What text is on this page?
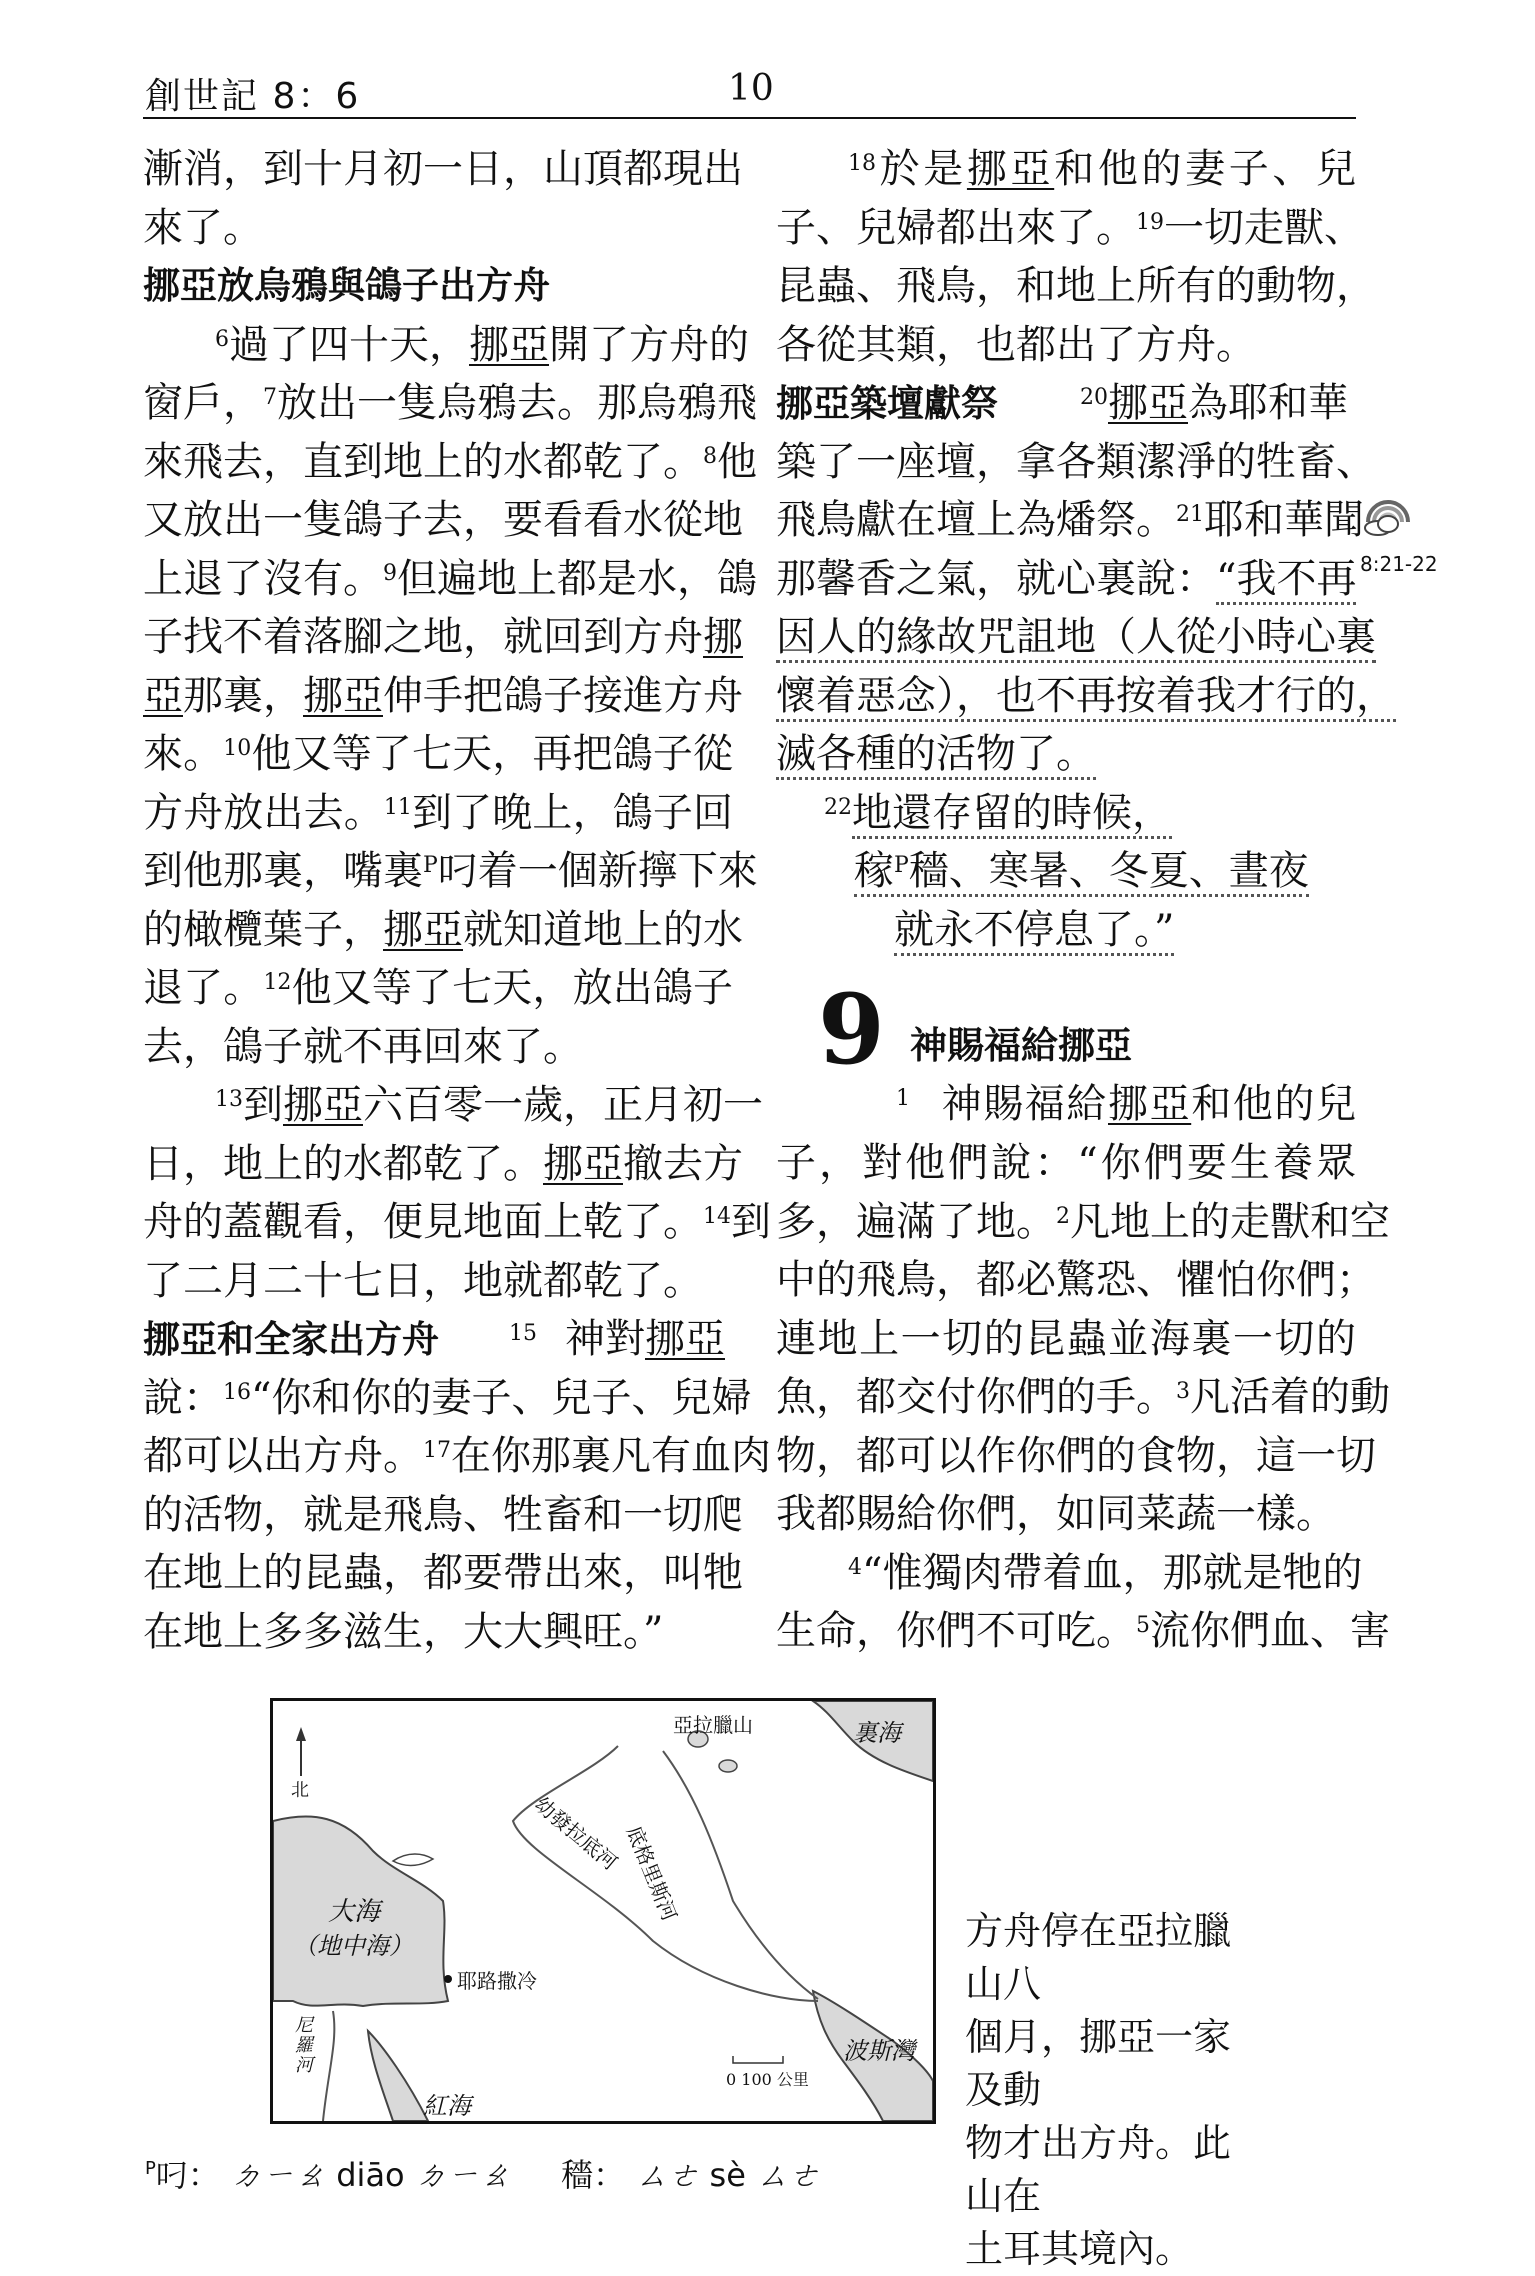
創世記 8：6	10
漸消，到十月初一日，山頂都現出
來了。
挪亞放烏鴉與鴿子出方舟
$^6$過了四十天，挪亞開了方舟的
窗戶，$^7$放出一隻烏鴉去。那烏鴉飛
來飛去，直到地上的水都乾了。$^8$他
又放出一隻鴿子去，要看看水從地
上退了沒有。$^9$但遍地上都是水，鴿
子找不着落腳之地，就回到方舟挪
亞那裏，挪亞伸手把鴿子接進方舟
來。$^{10}$他又等了七天，再把鴿子從
方舟放出去。$^{11}$到了晚上，鴿子回
到他那裏，嘴裏$^P$叼着一個新擰下來
的橄欖葉子，挪亞就知道地上的水
退了。$^{12}$他又等了七天，放出鴿子
去，鴿子就不再回來了。
$^{13}$到挪亞六百零一歲，正月初一
日，地上的水都乾了。挪亞撤去方
舟的蓋觀看，便見地面上乾了。$^{14}$到
了二月二十七日，地就都乾了。
挪亞和全家出方舟	$^{15}$ 神對挪亞
說：$^{16}$“你和你的妻子、兒子、兒婦
都可以出方舟。$^{17}$在你那裏凡有血肉
的活物，就是飛鳥、牲畜和一切爬
在地上的昆蟲，都要帶出來，叫牠
在地上多多滋生，大大興旺。”
$^{18}$於是挪亞和他的妻子、兒
子、兒婦都出來了。$^{19}$一切走獸、
昆蟲、飛鳥，和地上所有的動物，
各從其類，也都出了方舟。
挪亞築壇獻祭	$^{20}$挪亞為耶和華
築了一座壇，拿各類潔淨的牲畜、
飛鳥獻在壇上為燔祭。$^{21}$耶和華聞
那馨香之氣，就心裏說：“我不再
因人的緣故咒詛地（人從小時心裏
懷着惡念），也不再按着我才行的，
滅各種的活物了。
$^{22}$地還存留的時候，
稼$^P$穡、寒暑、冬夏、晝夜
就永不停息了。”
9 神賜福給挪亞
$^1$ 神賜福給挪亞和他的兒
子，對他們說：“你們要生養眾
多，遍滿了地。$^2$凡地上的走獸和空
中的飛鳥，都必驚恐、懼怕你們；
連地上一切的昆蟲並海裏一切的
魚，都交付你們的手。$^3$凡活着的動
物，都可以作你們的食物，這一切
我都賜給你們，如同菜蔬一樣。
$^4$“惟獨肉帶着血，那就是牠的
生命，你們不可吃。$^5$流你們血、害
8:21-22
亞拉臘山	裏海
底格里斯河
幼發拉底河
北
大海
（地中海）
耶路撒冷
尼羅河
紅海
波斯灣
0 100 公里
方舟停在亞拉臘山八
個月，挪亞一家及動
物才出方舟。此山在
土耳其境內。
$^P$叼： ㄉㄧㄠ diāo ㄉㄧㄠ 穡： ㄙㄜ sè ㄙㄜ
